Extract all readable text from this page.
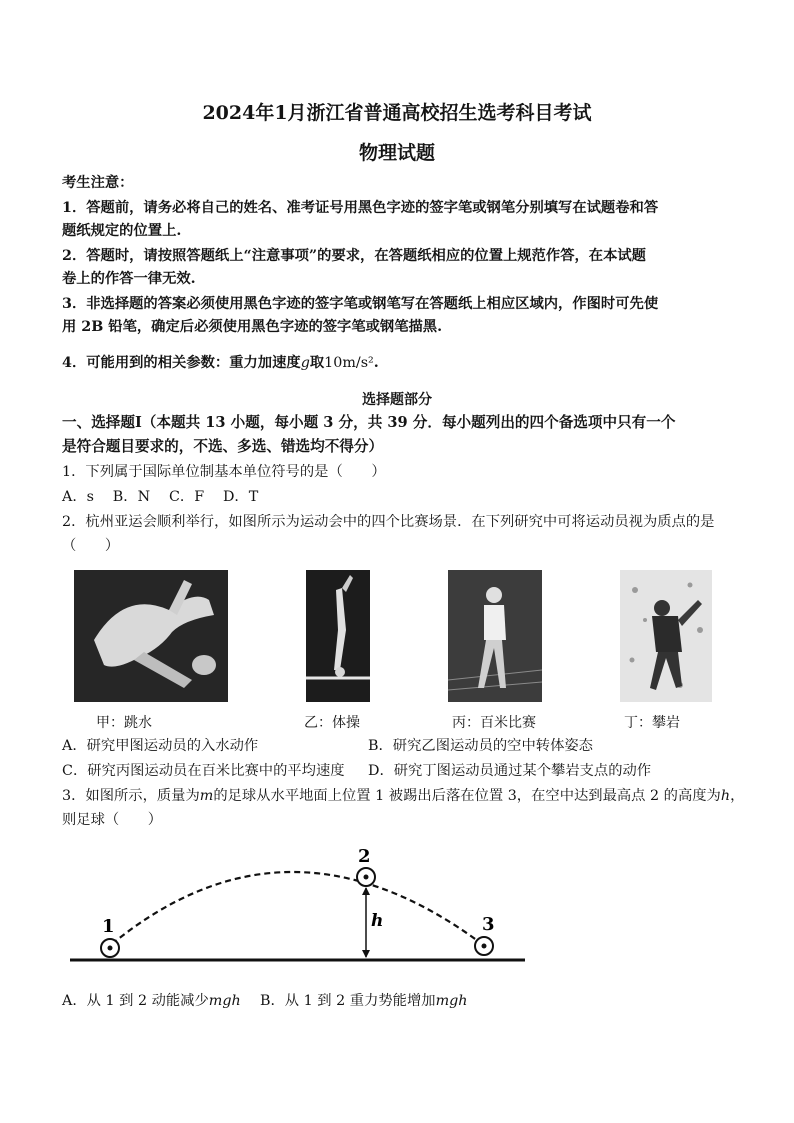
2024年1月浙江省普通高校招生选考科目考试
物理试题
考生注意：
1．答题前，请务必将自己的姓名、准考证号用黑色字迹的签字笔或钢笔分别填写在试题卷和答
题纸规定的位置上.
2．答题时，请按照答题纸上“注意事项”的要求，在答题纸相应的位置上规范作答，在本试题
卷上的作答一律无效.
3．非选择题的答案必须使用黑色字迹的签字笔或钢笔写在答题纸上相应区域内，作图时可先使
用 2B 铅笔，确定后必须使用黑色字迹的签字笔或钢笔描黑.
4．可能用到的相关参数：重力加速度g取10m/s².
选择题部分
一、选择题Ⅰ（本题共 13 小题，每小题 3 分，共 39 分．每小题列出的四个备选项中只有一个
是符合题目要求的，不选、多选、错选均不得分）
1．下列属于国际单位制基本单位符号的是（　　）
A．s　 B．N　 C．F　 D．T
2．杭州亚运会顺利举行，如图所示为运动会中的四个比赛场景．在下列研究中可将运动员视为质点的是
（　　）
甲：跳水	乙：体操	丙：百米比赛	丁：攀岩
A．研究甲图运动员的入水动作	B．研究乙图运动员的空中转体姿态
C．研究丙图运动员在百米比赛中的平均速度 D．研究丁图运动员通过某个攀岩支点的动作
3．如图所示，质量为m的足球从水平地面上位置 1 被踢出后落在位置 3，在空中达到最高点 2 的高度为h，
则足球（　　）
1
2
3
h
A．从 1 到 2 动能减少mgh B．从 1 到 2 重力势能增加mgh
